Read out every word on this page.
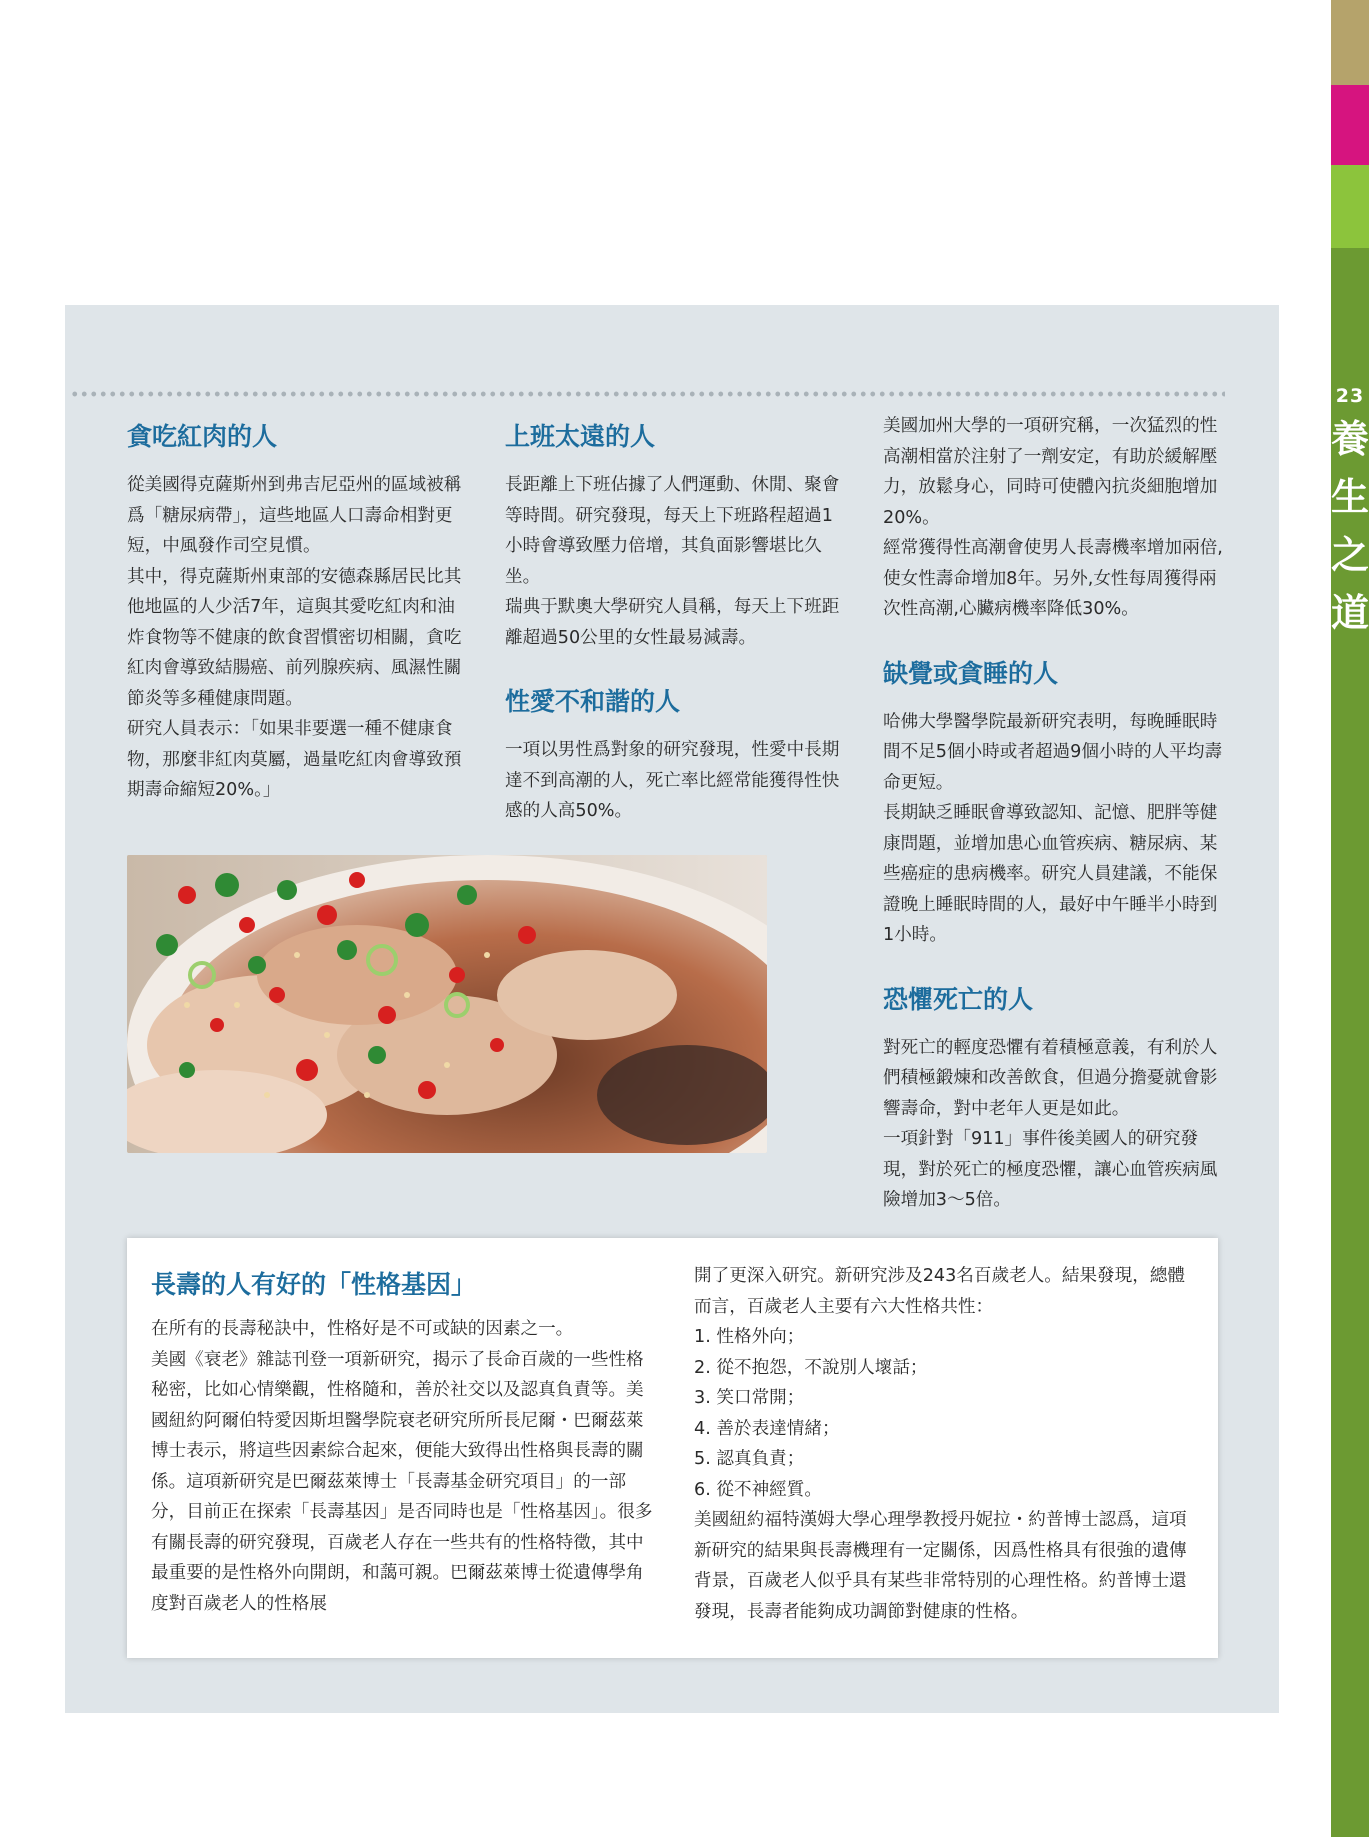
23
養
生
之
道
貪吃紅肉的人

從美國得克薩斯州到弗吉尼亞州的區域被稱爲「糖尿病帶」，這些地區人口壽命相對更短，中風發作司空見慣。

其中，得克薩斯州東部的安德森縣居民比其他地區的人少活7年，這與其愛吃紅肉和油炸食物等不健康的飲食習慣密切相關，貪吃紅肉會導致結腸癌、前列腺疾病、風濕性關節炎等多種健康問題。

研究人員表示：「如果非要選一種不健康食物，那麼非紅肉莫屬，過量吃紅肉會導致預期壽命縮短20%。」

上班太遠的人

長距離上下班佔據了人們運動、休閒、聚會等時間。研究發現，每天上下班路程超過1小時會導致壓力倍增，其負面影響堪比久坐。

瑞典于默奧大學研究人員稱，每天上下班距離超過50公里的女性最易減壽。

性愛不和諧的人

一項以男性爲對象的研究發現，性愛中長期達不到高潮的人，死亡率比經常能獲得性快感的人高50%。

美國加州大學的一項研究稱，一次猛烈的性高潮相當於注射了一劑安定，有助於緩解壓力，放鬆身心，同時可使體內抗炎細胞增加20%。

經常獲得性高潮會使男人長壽機率增加兩倍,使女性壽命增加8年。另外,女性每周獲得兩次性高潮,心臟病機率降低30%。

缺覺或貪睡的人

哈佛大學醫學院最新研究表明，每晚睡眠時間不足5個小時或者超過9個小時的人平均壽命更短。

長期缺乏睡眠會導致認知、記憶、肥胖等健康問題，並增加患心血管疾病、糖尿病、某些癌症的患病機率。研究人員建議，不能保證晚上睡眠時間的人，最好中午睡半小時到1小時。

恐懼死亡的人

對死亡的輕度恐懼有着積極意義，有利於人們積極鍛煉和改善飲食，但過分擔憂就會影響壽命，對中老年人更是如此。

一項針對「911」事件後美國人的研究發現，對於死亡的極度恐懼，讓心血管疾病風險增加3～5倍。

長壽的人有好的「性格基因」

在所有的長壽秘訣中，性格好是不可或缺的因素之一。

美國《衰老》雜誌刊登一項新研究，揭示了長命百歲的一些性格秘密，比如心情樂觀，性格隨和，善於社交以及認真負責等。美國紐約阿爾伯特愛因斯坦醫學院衰老研究所所長尼爾・巴爾茲萊博士表示，將這些因素綜合起來，便能大致得出性格與長壽的關係。這項新研究是巴爾茲萊博士「長壽基金研究項目」的一部分，目前正在探索「長壽基因」是否同時也是「性格基因」。很多有關長壽的研究發現，百歲老人存在一些共有的性格特徵，其中最重要的是性格外向開朗，和藹可親。巴爾茲萊博士從遺傳學角度對百歲老人的性格展

開了更深入研究。新研究涉及243名百歲老人。結果發現，總體而言，百歲老人主要有六大性格共性：

1. 性格外向；

2. 從不抱怨，不說別人壞話；

3. 笑口常開；

4. 善於表達情緒；

5. 認真負責；

6. 從不神經質。

美國紐約福特漢姆大學心理學教授丹妮拉・約普博士認爲，這項新研究的結果與長壽機理有一定關係，因爲性格具有很強的遺傳背景，百歲老人似乎具有某些非常特別的心理性格。約普博士還發現，長壽者能夠成功調節對健康的性格。
